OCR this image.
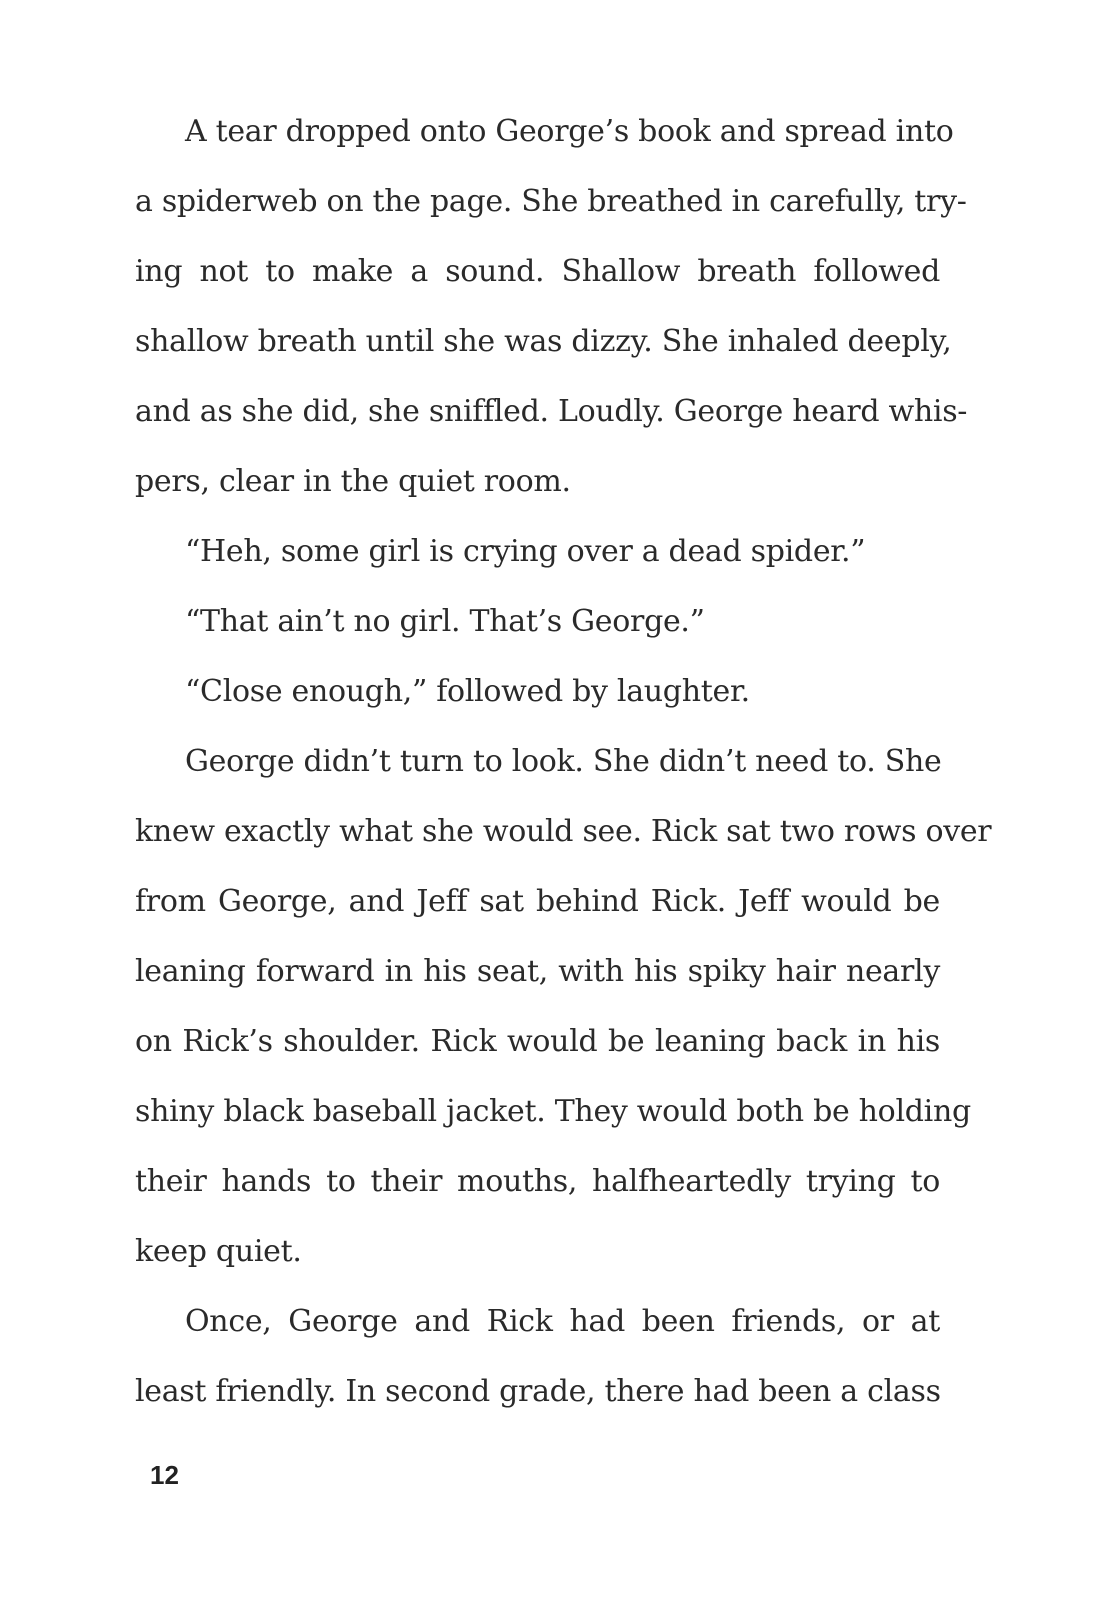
A tear dropped onto George’s book and spread into
a spiderweb on the page. She breathed in carefully, try-
ing not to make a sound. Shallow breath followed
shallow breath until she was dizzy. She inhaled deeply,
and as she did, she sniffled. Loudly. George heard whis-
pers, clear in the quiet room.
“Heh, some girl is crying over a dead spider.”
“That ain’t no girl. That’s George.”
“Close enough,” followed by laughter.
George didn’t turn to look. She didn’t need to. She
knew exactly what she would see. Rick sat two rows over
from George, and Jeff sat behind Rick. Jeff would be
leaning forward in his seat, with his spiky hair nearly
on Rick’s shoulder. Rick would be leaning back in his
shiny black baseball jacket. They would both be holding
their hands to their mouths, halfheartedly trying to
keep quiet.
Once, George and Rick had been friends, or at
least friendly. In second grade, there had been a class
12
